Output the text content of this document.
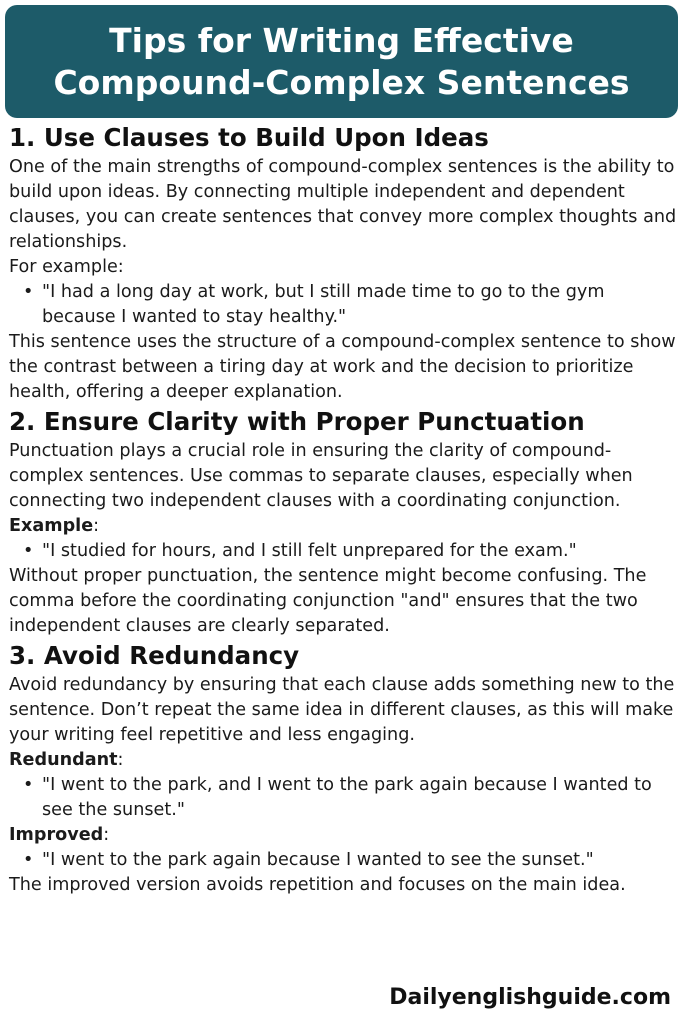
Tips for Writing Effective
Compound-Complex Sentences
1. Use Clauses to Build Upon Ideas

One of the main strengths of compound-complex sentences is the ability to build upon ideas. By connecting multiple independent and dependent clauses, you can create sentences that convey more complex thoughts and relationships.

For example:

• "I had a long day at work, but I still made time to go to the gym because I wanted to stay healthy."

This sentence uses the structure of a compound-complex sentence to show the contrast between a tiring day at work and the decision to prioritize health, offering a deeper explanation.

2. Ensure Clarity with Proper Punctuation

Punctuation plays a crucial role in ensuring the clarity of compound-complex sentences. Use commas to separate clauses, especially when connecting two independent clauses with a coordinating conjunction.

Example:

• "I studied for hours, and I still felt unprepared for the exam."

Without proper punctuation, the sentence might become confusing. The comma before the coordinating conjunction "and" ensures that the two independent clauses are clearly separated.

3. Avoid Redundancy

Avoid redundancy by ensuring that each clause adds something new to the sentence. Don’t repeat the same idea in different clauses, as this will make your writing feel repetitive and less engaging.

Redundant:

• "I went to the park, and I went to the park again because I wanted to see the sunset."

Improved:

• "I went to the park again because I wanted to see the sunset."

The improved version avoids repetition and focuses on the main idea.

Dailyenglishguide.com
